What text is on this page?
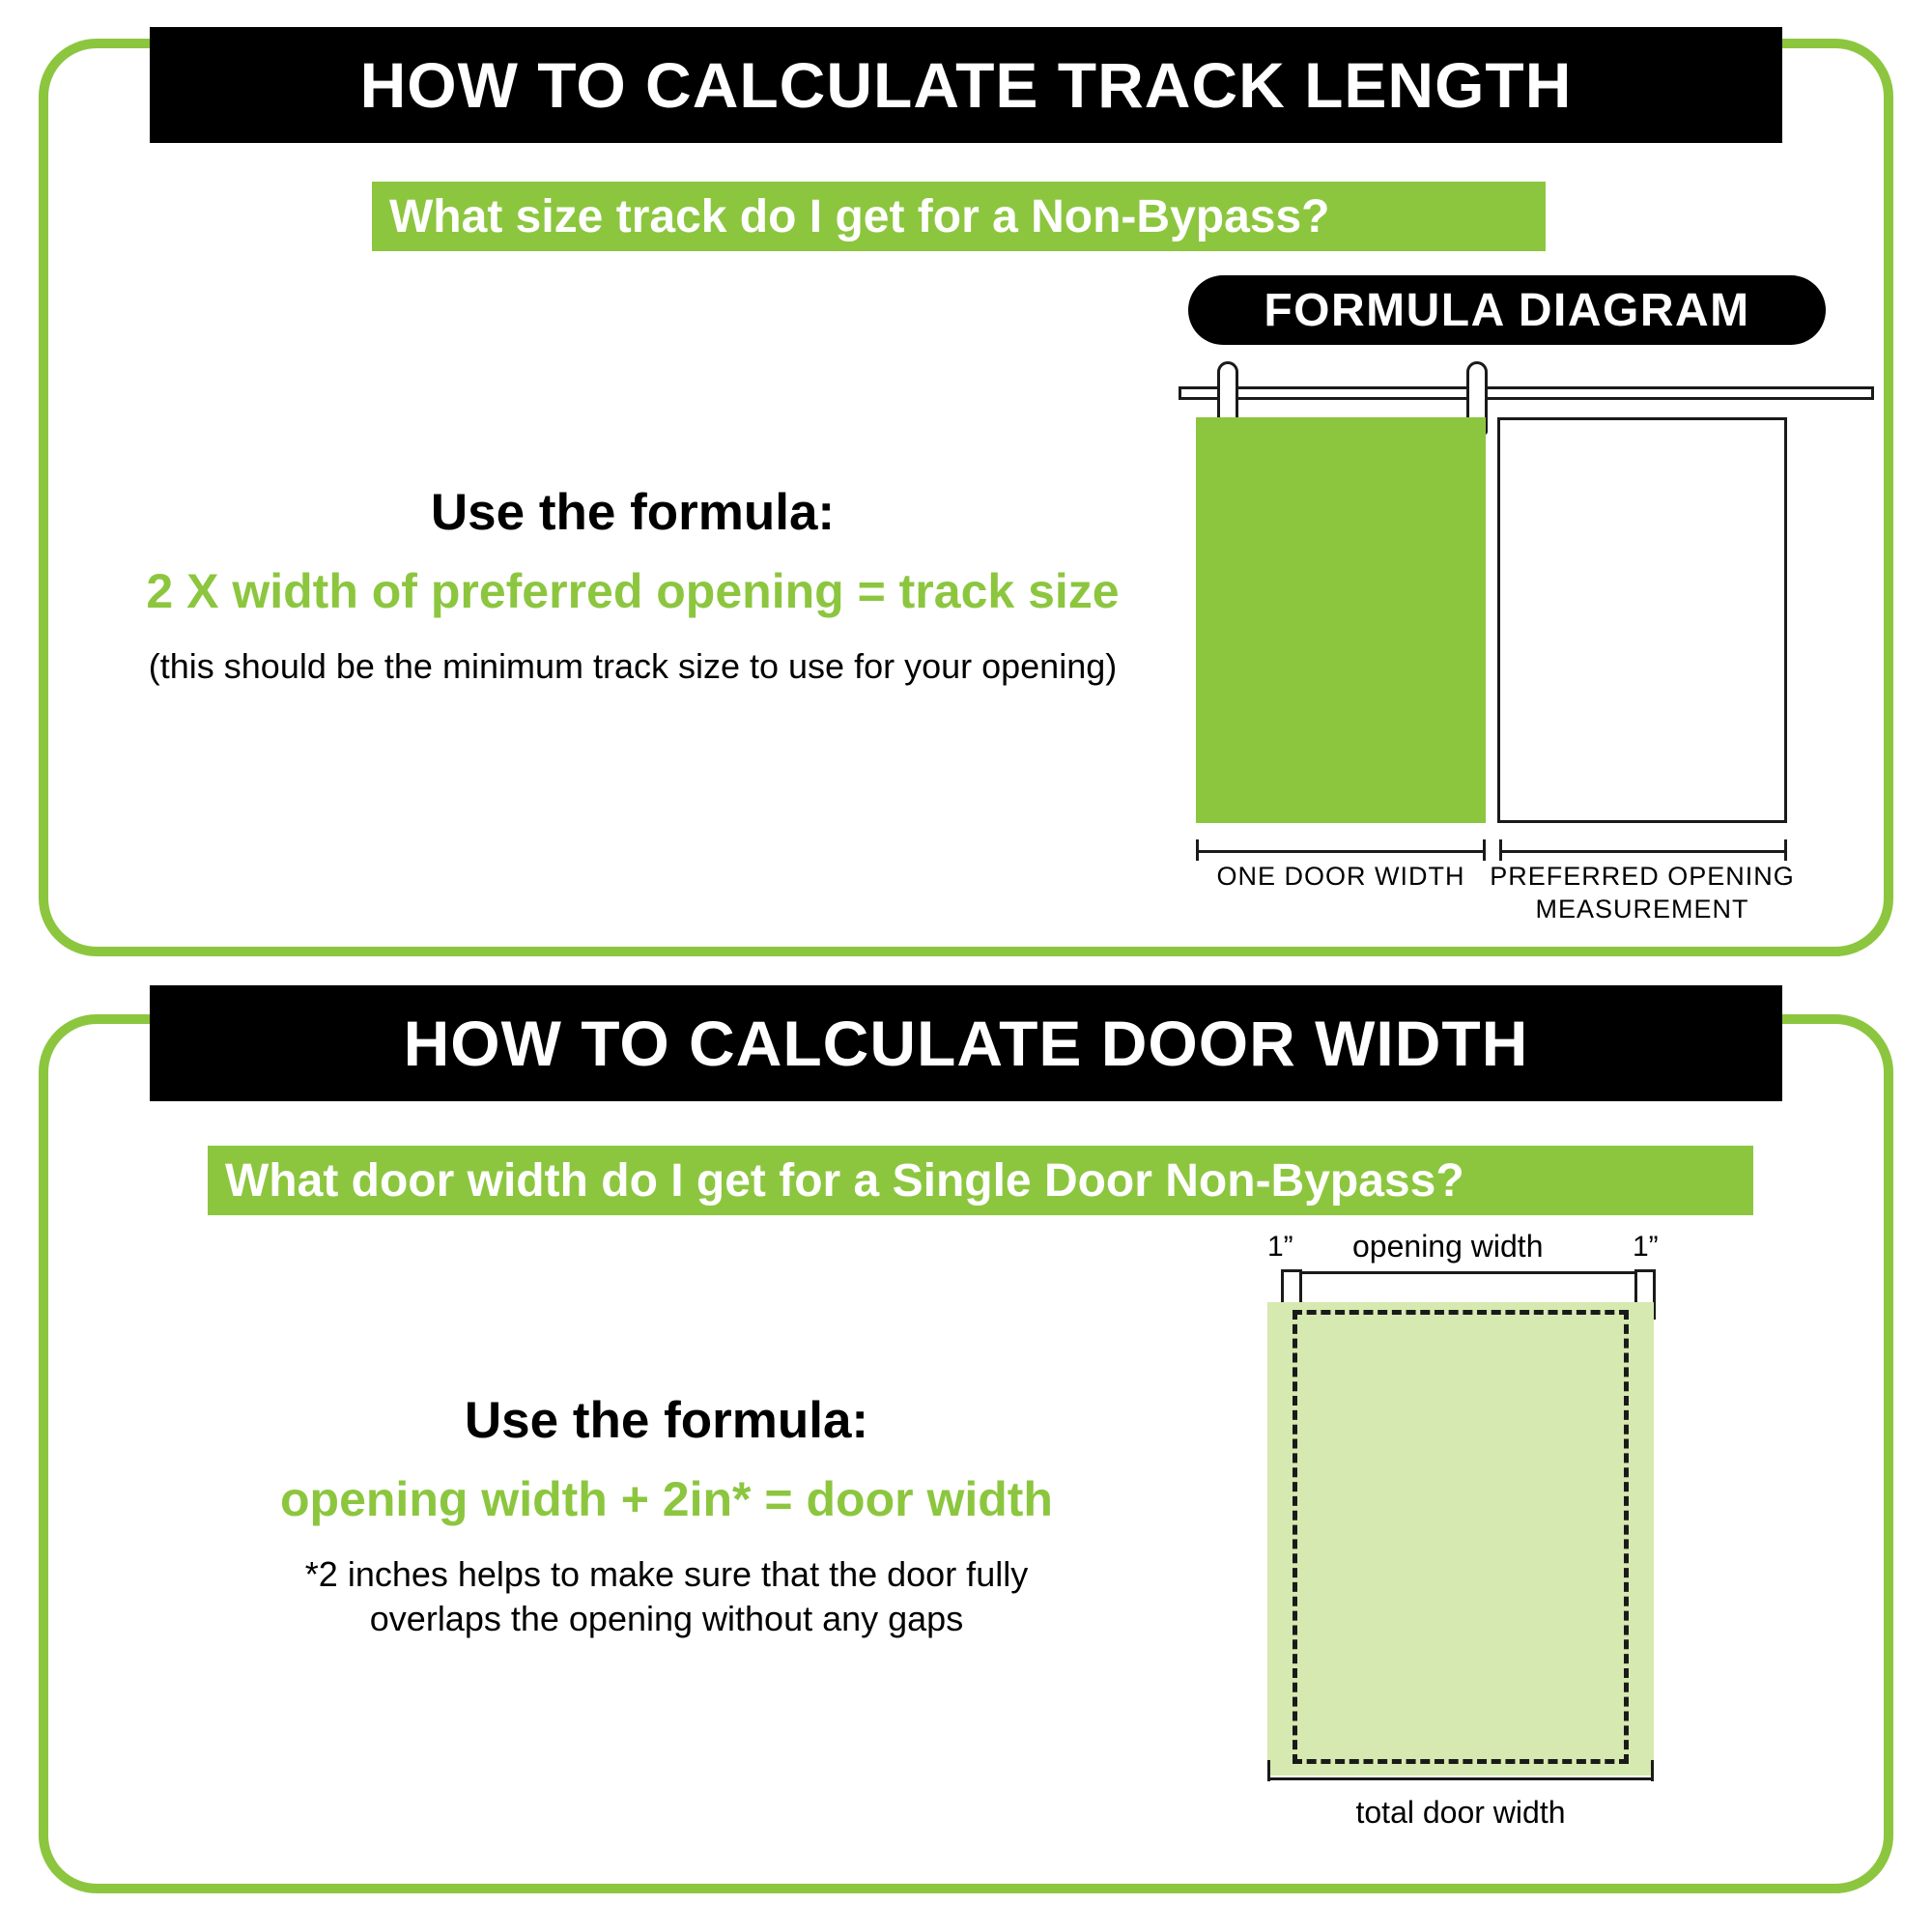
HOW TO CALCULATE TRACK LENGTH
What size track do I get for a Non-Bypass?
Use the formula:
2 X width of preferred opening = track size
(this should be the minimum track size to use for your opening)
FORMULA DIAGRAM
ONE DOOR WIDTH PREFERRED OPENING
MEASUREMENT
HOW TO CALCULATE DOOR WIDTH
What door width do I get for a Single Door Non-Bypass?
Use the formula:
opening width + 2in* = door width
*2 inches helps to make sure that the door fully
overlaps the opening without any gaps
1”	1”
opening width
total door width
